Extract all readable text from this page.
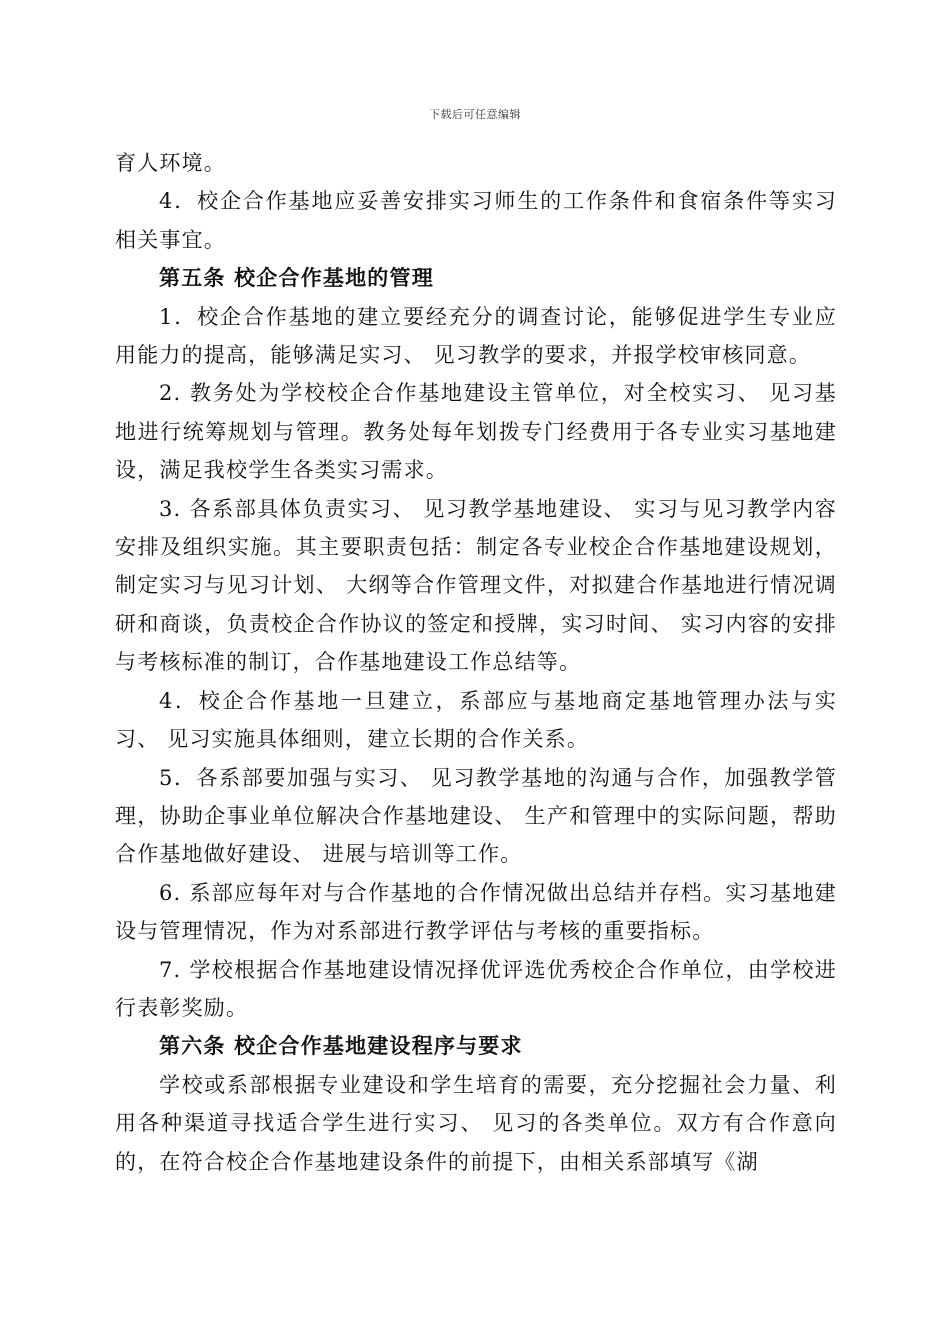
下载后可任意编辑

育人环境。

4．校企合作基地应妥善安排实习师生的工作条件和食宿条件等实习相关事宜。

第五条 校企合作基地的管理

1．校企合作基地的建立要经充分的调查讨论，能够促进学生专业应用能力的提高，能够满足实习、 见习教学的要求，并报学校审核同意。

2. 教务处为学校校企合作基地建设主管单位，对全校实习、 见习基地进行统筹规划与管理。教务处每年划拨专门经费用于各专业实习基地建设，满足我校学生各类实习需求。

3. 各系部具体负责实习、 见习教学基地建设、 实习与见习教学内容安排及组织实施。其主要职责包括：制定各专业校企合作基地建设规划，制定实习与见习计划、 大纲等合作管理文件，对拟建合作基地进行情况调研和商谈，负责校企合作协议的签定和授牌，实习时间、 实习内容的安排与考核标准的制订，合作基地建设工作总结等。

4．校企合作基地一旦建立，系部应与基地商定基地管理办法与实习、 见习实施具体细则，建立长期的合作关系。

5．各系部要加强与实习、 见习教学基地的沟通与合作，加强教学管理，协助企事业单位解决合作基地建设、 生产和管理中的实际问题，帮助合作基地做好建设、 进展与培训等工作。

6. 系部应每年对与合作基地的合作情况做出总结并存档。实习基地建设与管理情况，作为对系部进行教学评估与考核的重要指标。

7. 学校根据合作基地建设情况择优评选优秀校企合作单位，由学校进行表彰奖励。

第六条 校企合作基地建设程序与要求

学校或系部根据专业建设和学生培育的需要，充分挖掘社会力量、利用各种渠道寻找适合学生进行实习、 见习的各类单位。双方有合作意向的，在符合校企合作基地建设条件的前提下，由相关系部填写《湖
